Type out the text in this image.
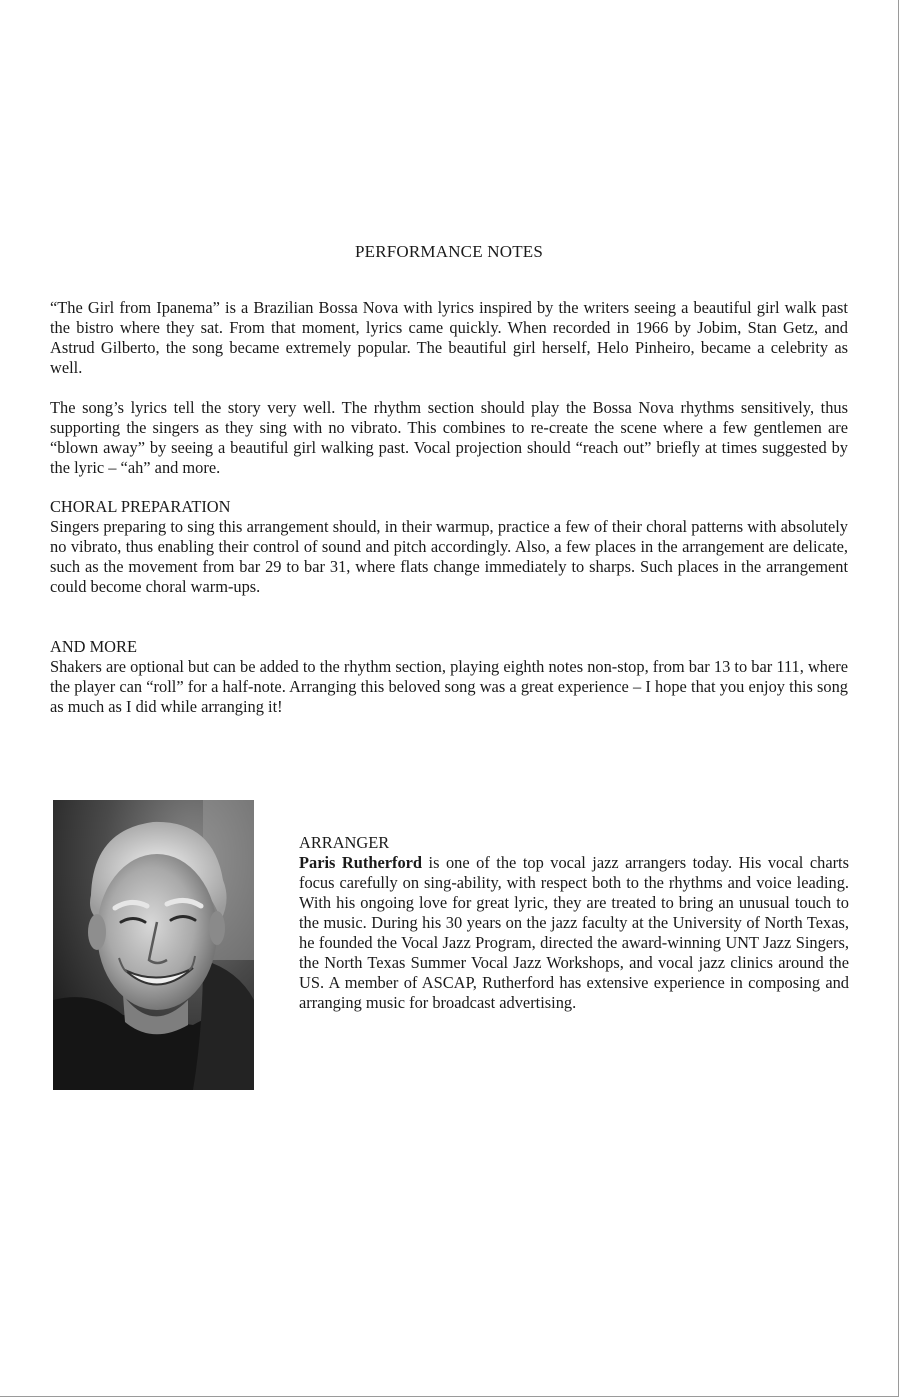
PERFORMANCE NOTES

“The Girl from Ipanema” is a Brazilian Bossa Nova with lyrics inspired by the writers seeing a beautiful girl walk past the bistro where they sat. From that moment, lyrics came quickly. When recorded in 1966 by Jobim, Stan Getz, and Astrud Gilberto, the song became extremely popular. The beautiful girl herself, Helo Pinheiro, became a celebrity as well.

The song’s lyrics tell the story very well. The rhythm section should play the Bossa Nova rhythms sensitively, thus supporting the singers as they sing with no vibrato. This combines to re-create the scene where a few gentlemen are “blown away” by seeing a beautiful girl walking past. Vocal projection should “reach out” briefly at times suggested by the lyric – “ah” and more.

CHORAL PREPARATION

Singers preparing to sing this arrangement should, in their warmup, practice a few of their choral patterns with absolutely no vibrato, thus enabling their control of sound and pitch accordingly. Also, a few places in the arrangement are delicate, such as the movement from bar 29 to bar 31, where flats change immediately to sharps. Such places in the arrangement could become choral warm-ups.

AND MORE

Shakers are optional but can be added to the rhythm section, playing eighth notes non-stop, from bar 13 to bar 111, where the player can “roll” for a half-note. Arranging this beloved song was a great experience – I hope that you enjoy this song as much as I did while arranging it!

ARRANGER

Paris Rutherford is one of the top vocal jazz arrangers today. His vocal charts focus carefully on sing-ability, with respect both to the rhythms and voice leading. With his ongoing love for great lyric, they are treated to bring an unusual touch to the music. During his 30 years on the jazz faculty at the University of North Texas, he founded the Vocal Jazz Program, directed the award-winning UNT Jazz Singers, the North Texas Summer Vocal Jazz Workshops, and vocal jazz clinics around the US. A member of ASCAP, Rutherford has extensive experience in composing and arranging music for broadcast advertising.
